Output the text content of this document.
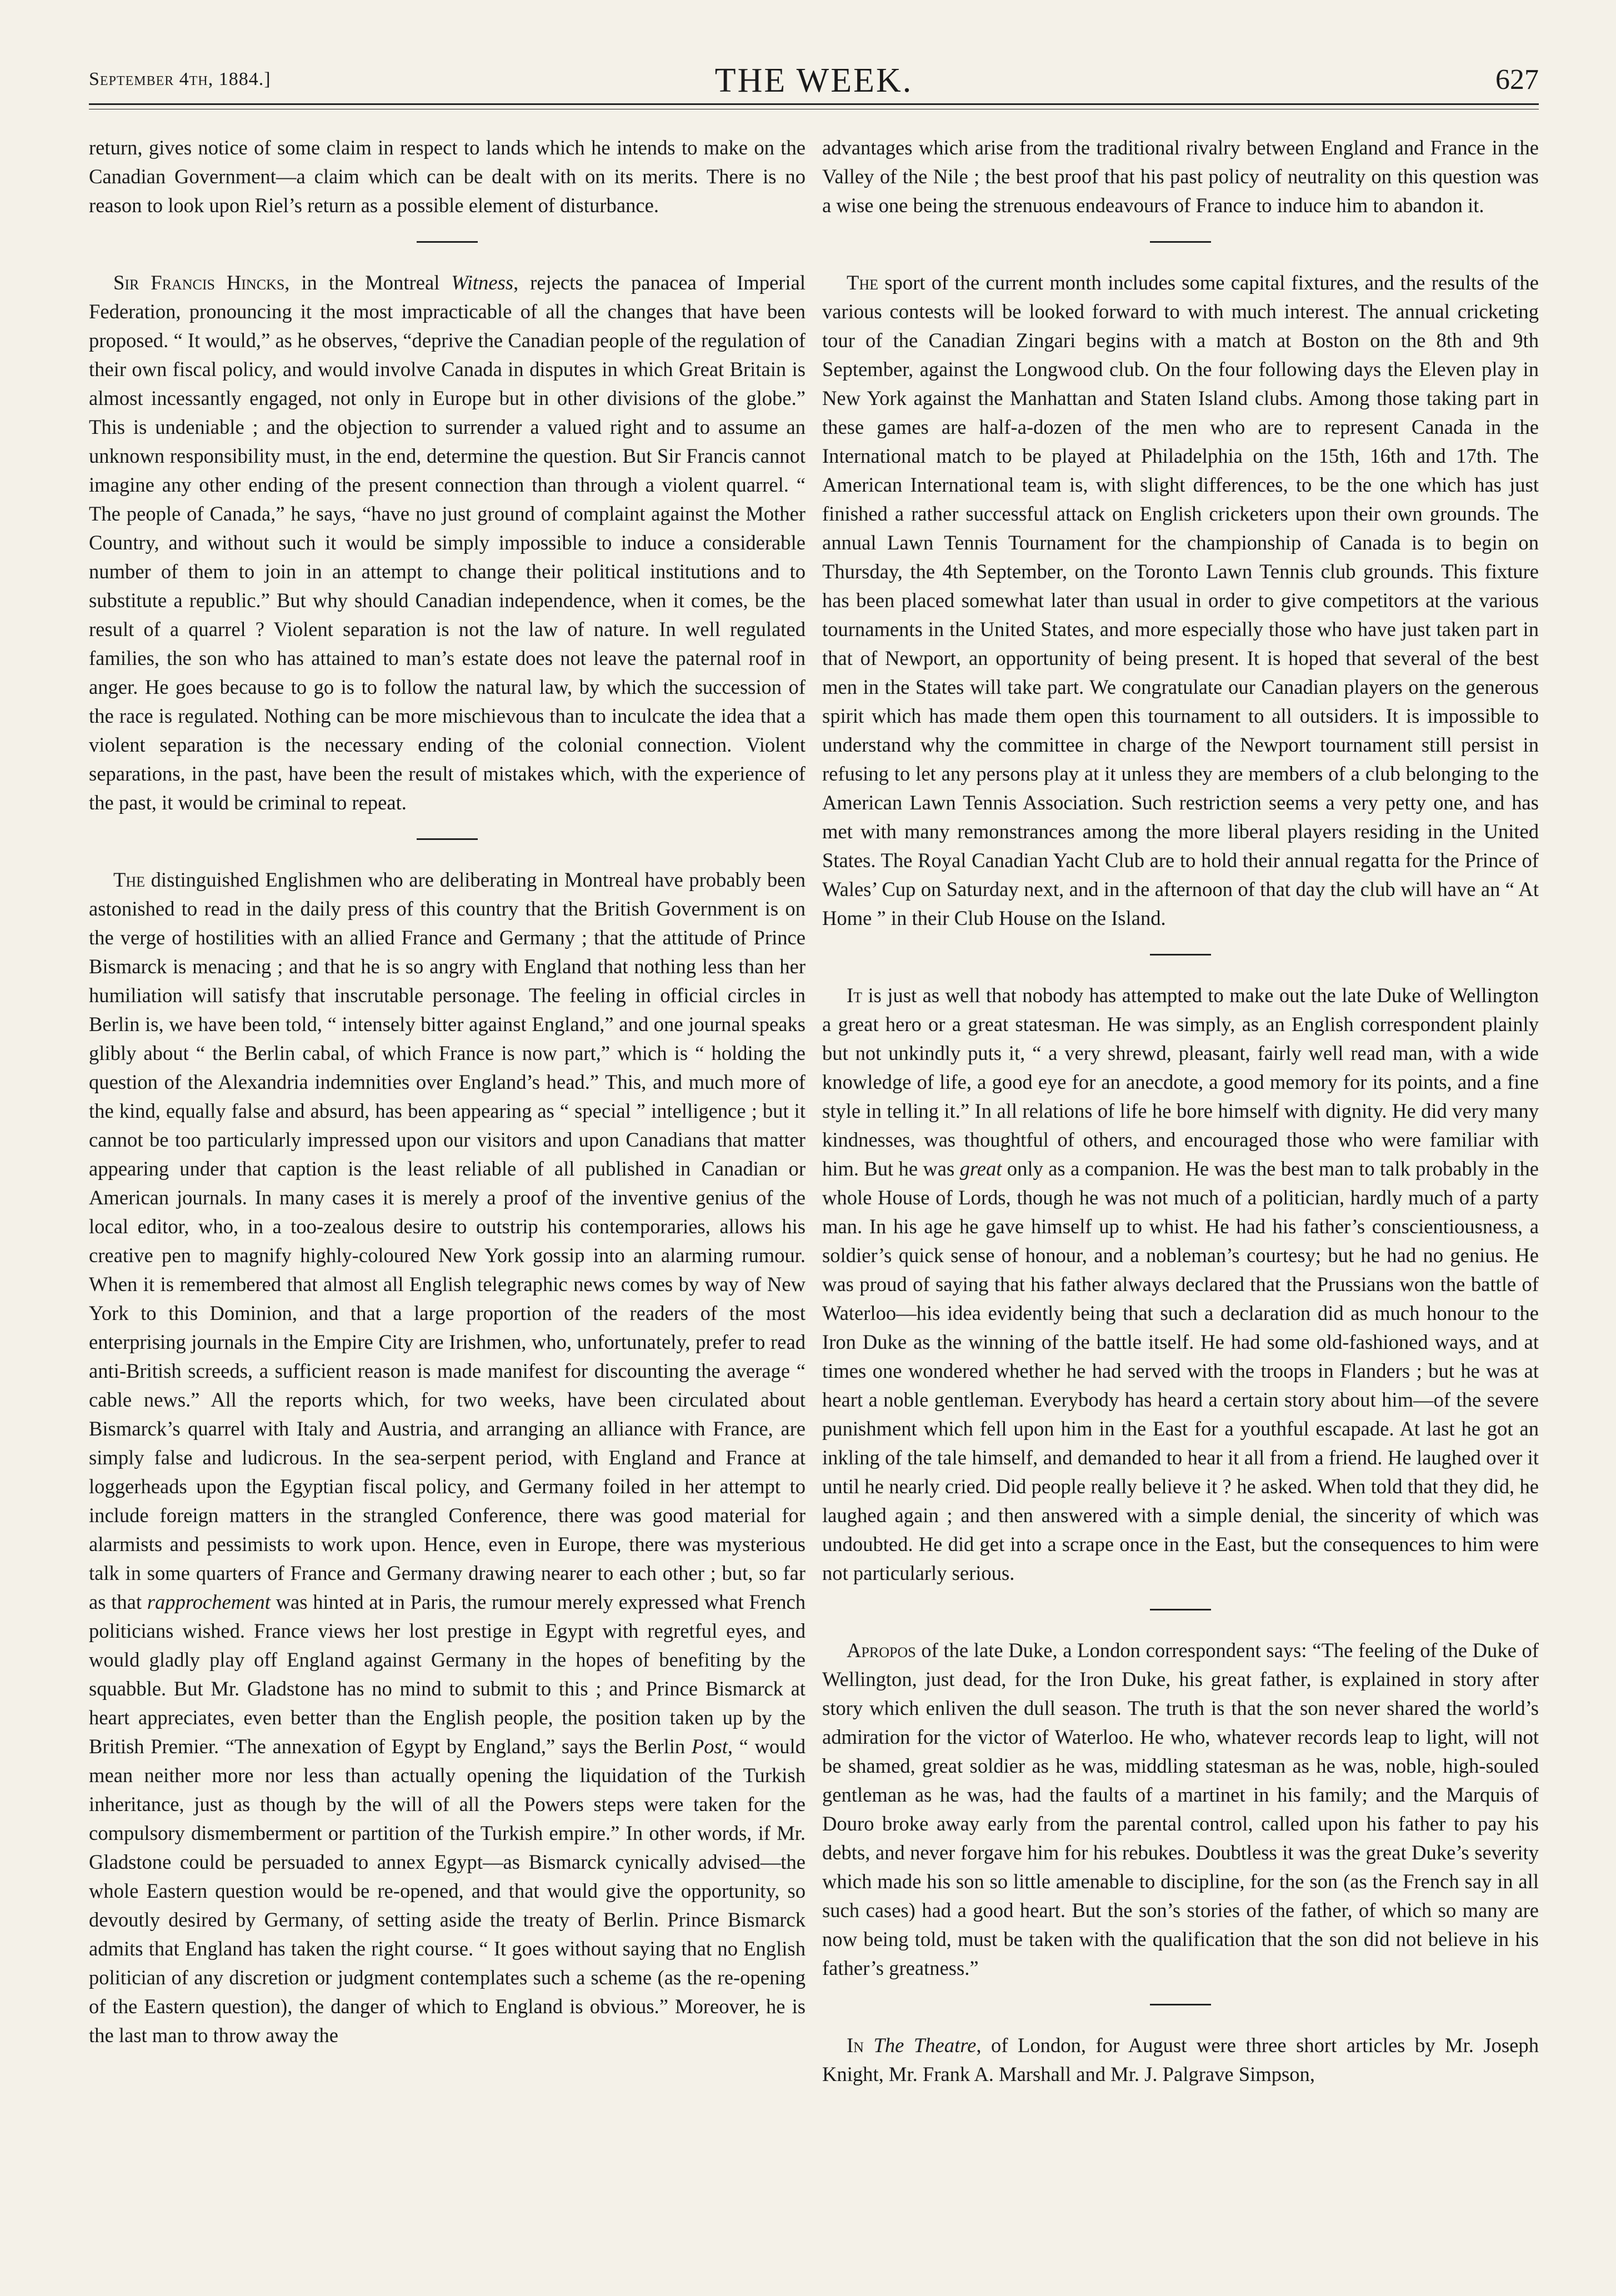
September 4th, 1884.]	THE WEEK.	627

return, gives notice of some claim in respect to lands which he intends to make on the Canadian Government—a claim which can be dealt with on its merits. There is no reason to look upon Riel’s return as a possible element of disturbance.

Sir Francis Hincks, in the Montreal Witness, rejects the panacea of Imperial Federation, pronouncing it the most impracticable of all the changes that have been proposed. “ It would,” as he observes, “deprive the Canadian people of the regulation of their own fiscal policy, and would involve Canada in disputes in which Great Britain is almost incessantly engaged, not only in Europe but in other divisions of the globe.” This is undeniable ; and the objection to surrender a valued right and to assume an unknown responsibility must, in the end, determine the question. But Sir Francis cannot imagine any other ending of the present connection than through a violent quarrel. “ The people of Canada,” he says, “have no just ground of complaint against the Mother Country, and without such it would be simply impossible to induce a considerable number of them to join in an attempt to change their political institutions and to substitute a republic.” But why should Canadian independence, when it comes, be the result of a quarrel ? Violent separation is not the law of nature. In well regulated families, the son who has attained to man’s estate does not leave the paternal roof in anger. He goes because to go is to follow the natural law, by which the succession of the race is regulated. Nothing can be more mischievous than to inculcate the idea that a violent separation is the necessary ending of the colonial connection. Violent separations, in the past, have been the result of mistakes which, with the experience of the past, it would be criminal to repeat.

The distinguished Englishmen who are deliberating in Montreal have probably been astonished to read in the daily press of this country that the British Government is on the verge of hostilities with an allied France and Germany ; that the attitude of Prince Bismarck is menacing ; and that he is so angry with England that nothing less than her humiliation will satisfy that inscrutable personage. The feeling in official circles in Berlin is, we have been told, “ intensely bitter against England,” and one journal speaks glibly about “ the Berlin cabal, of which France is now part,” which is “ holding the question of the Alexandria indemnities over England’s head.” This, and much more of the kind, equally false and absurd, has been appearing as “ special ” intelligence ; but it cannot be too particularly impressed upon our visitors and upon Canadians that matter appearing under that caption is the least reliable of all published in Canadian or American journals. In many cases it is merely a proof of the inventive genius of the local editor, who, in a too-zealous desire to outstrip his contemporaries, allows his creative pen to magnify highly-coloured New York gossip into an alarming rumour. When it is remembered that almost all English telegraphic news comes by way of New York to this Dominion, and that a large proportion of the readers of the most enterprising journals in the Empire City are Irishmen, who, unfortunately, prefer to read anti-British screeds, a sufficient reason is made manifest for discounting the average “ cable news.” All the reports which, for two weeks, have been circulated about Bismarck’s quarrel with Italy and Austria, and arranging an alliance with France, are simply false and ludicrous. In the sea-serpent period, with England and France at loggerheads upon the Egyptian fiscal policy, and Germany foiled in her attempt to include foreign matters in the strangled Conference, there was good material for alarmists and pessimists to work upon. Hence, even in Europe, there was mysterious talk in some quarters of France and Germany drawing nearer to each other ; but, so far as that rapprochement was hinted at in Paris, the rumour merely expressed what French politicians wished. France views her lost prestige in Egypt with regretful eyes, and would gladly play off England against Germany in the hopes of benefiting by the squabble. But Mr. Gladstone has no mind to submit to this ; and Prince Bismarck at heart appreciates, even better than the English people, the position taken up by the British Premier. “The annexation of Egypt by England,” says the Berlin Post, “ would mean neither more nor less than actually opening the liquidation of the Turkish inheritance, just as though by the will of all the Powers steps were taken for the compulsory dismemberment or partition of the Turkish empire.” In other words, if Mr. Gladstone could be persuaded to annex Egypt—as Bismarck cynically advised—the whole Eastern question would be re-opened, and that would give the opportunity, so devoutly desired by Germany, of setting aside the treaty of Berlin. Prince Bismarck admits that England has taken the right course. “ It goes without saying that no English politician of any discretion or judgment contemplates such a scheme (as the re-opening of the Eastern question), the danger of which to England is obvious.” Moreover, he is the last man to throw away the

advantages which arise from the traditional rivalry between England and France in the Valley of the Nile ; the best proof that his past policy of neutrality on this question was a wise one being the strenuous endeavours of France to induce him to abandon it.

The sport of the current month includes some capital fixtures, and the results of the various contests will be looked forward to with much interest. The annual cricketing tour of the Canadian Zingari begins with a match at Boston on the 8th and 9th September, against the Longwood club. On the four following days the Eleven play in New York against the Manhattan and Staten Island clubs. Among those taking part in these games are half-a-dozen of the men who are to represent Canada in the International match to be played at Philadelphia on the 15th, 16th and 17th. The American International team is, with slight differences, to be the one which has just finished a rather successful attack on English cricketers upon their own grounds. The annual Lawn Tennis Tournament for the championship of Canada is to begin on Thursday, the 4th September, on the Toronto Lawn Tennis club grounds. This fixture has been placed somewhat later than usual in order to give competitors at the various tournaments in the United States, and more especially those who have just taken part in that of Newport, an opportunity of being present. It is hoped that several of the best men in the States will take part. We congratulate our Canadian players on the generous spirit which has made them open this tournament to all outsiders. It is impossible to understand why the committee in charge of the Newport tournament still persist in refusing to let any persons play at it unless they are members of a club belonging to the American Lawn Tennis Association. Such restriction seems a very petty one, and has met with many remonstrances among the more liberal players residing in the United States. The Royal Canadian Yacht Club are to hold their annual regatta for the Prince of Wales’ Cup on Saturday next, and in the afternoon of that day the club will have an “ At Home ” in their Club House on the Island.

It is just as well that nobody has attempted to make out the late Duke of Wellington a great hero or a great statesman. He was simply, as an English correspondent plainly but not unkindly puts it, “ a very shrewd, pleasant, fairly well read man, with a wide knowledge of life, a good eye for an anecdote, a good memory for its points, and a fine style in telling it.” In all relations of life he bore himself with dignity. He did very many kindnesses, was thoughtful of others, and encouraged those who were familiar with him. But he was great only as a companion. He was the best man to talk probably in the whole House of Lords, though he was not much of a politician, hardly much of a party man. In his age he gave himself up to whist. He had his father’s conscientiousness, a soldier’s quick sense of honour, and a nobleman’s courtesy; but he had no genius. He was proud of saying that his father always declared that the Prussians won the battle of Waterloo—his idea evidently being that such a declaration did as much honour to the Iron Duke as the winning of the battle itself. He had some old-fashioned ways, and at times one wondered whether he had served with the troops in Flanders ; but he was at heart a noble gentleman. Everybody has heard a certain story about him—of the severe punishment which fell upon him in the East for a youthful escapade. At last he got an inkling of the tale himself, and demanded to hear it all from a friend. He laughed over it until he nearly cried. Did people really believe it ? he asked. When told that they did, he laughed again ; and then answered with a simple denial, the sincerity of which was undoubted. He did get into a scrape once in the East, but the consequences to him were not particularly serious.

Apropos of the late Duke, a London correspondent says: “The feeling of the Duke of Wellington, just dead, for the Iron Duke, his great father, is explained in story after story which enliven the dull season. The truth is that the son never shared the world’s admiration for the victor of Waterloo. He who, whatever records leap to light, will not be shamed, great soldier as he was, middling statesman as he was, noble, high-souled gentleman as he was, had the faults of a martinet in his family; and the Marquis of Douro broke away early from the parental control, called upon his father to pay his debts, and never forgave him for his rebukes. Doubtless it was the great Duke’s severity which made his son so little amenable to discipline, for the son (as the French say in all such cases) had a good heart. But the son’s stories of the father, of which so many are now being told, must be taken with the qualification that the son did not believe in his father’s greatness.”

In The Theatre, of London, for August were three short articles by Mr. Joseph Knight, Mr. Frank A. Marshall and Mr. J. Palgrave Simpson,
